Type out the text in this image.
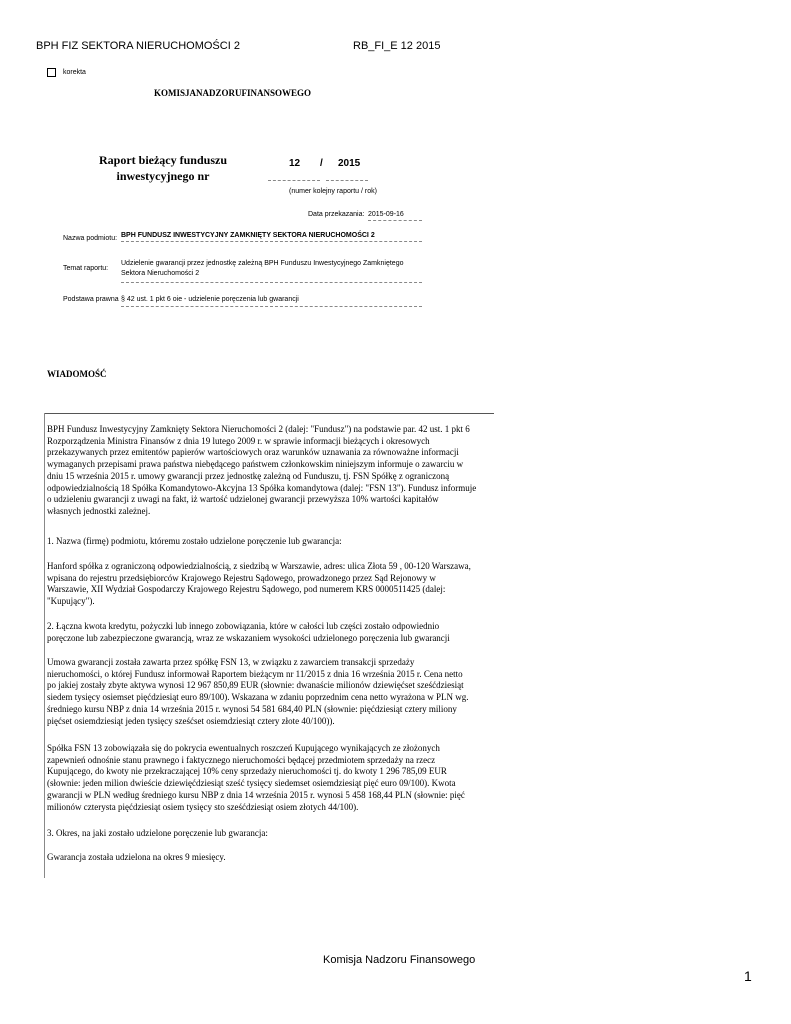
BPH FIZ SEKTORA NIERUCHOMOŚCI 2	RB_FI_E 12 2015
korekta
KOMISJANADZORUFINANSOWEGO
Raport bieżący funduszu
inwestycyjnego nr
12 / 2015
(numer kolejny raportu / rok)
Data przekazania: 2015-09-16
Nazwa podmiotu: BPH FUNDUSZ INWESTYCYJNY ZAMKNIĘTY SEKTORA NIERUCHOMOŚCI 2
Temat raportu:
Udzielenie gwarancji przez jednostkę zależną BPH Funduszu Inwestycyjnego Zamkniętego
Sektora Nieruchomości 2
Podstawa prawna § 42 ust. 1 pkt 6 oie - udzielenie poręczenia lub gwarancji
WIADOMOŚĆ

BPH Fundusz Inwestycyjny Zamknięty Sektora Nieruchomości 2 (dalej: "Fundusz") na podstawie par. 42 ust. 1 pkt 6
Rozporządzenia Ministra Finansów z dnia 19 lutego 2009 r. w sprawie informacji bieżących i okresowych
przekazywanych przez emitentów papierów wartościowych oraz warunków uznawania za równoważne informacji
wymaganych przepisami prawa państwa niebędącego państwem członkowskim niniejszym informuje o zawarciu w
dniu 15 września 2015 r. umowy gwarancji przez jednostkę zależną od Funduszu, tj. FSN Spółkę z ograniczoną
odpowiedzialnością 18 Spółka Komandytowo-Akcyjna 13 Spółka komandytowa (dalej: "FSN 13"). Fundusz informuje
o udzieleniu gwarancji z uwagi na fakt, iż wartość udzielonej gwarancji przewyższa 10% wartości kapitałów
własnych jednostki zależnej.

1. Nazwa (firmę) podmiotu, któremu zostało udzielone poręczenie lub gwarancja:

Hanford spółka z ograniczoną odpowiedzialnością, z siedzibą w Warszawie, adres: ulica Złota 59 , 00-120 Warszawa,
wpisana do rejestru przedsiębiorców Krajowego Rejestru Sądowego, prowadzonego przez Sąd Rejonowy w
Warszawie, XII Wydział Gospodarczy Krajowego Rejestru Sądowego, pod numerem KRS 0000511425 (dalej:
"Kupujący").

2. Łączna kwota kredytu, pożyczki lub innego zobowiązania, które w całości lub części zostało odpowiednio
poręczone lub zabezpieczone gwarancją, wraz ze wskazaniem wysokości udzielonego poręczenia lub gwarancji

Umowa gwarancji została zawarta przez spółkę FSN 13, w związku z zawarciem transakcji sprzedaży
nieruchomości, o której Fundusz informował Raportem bieżącym nr 11/2015 z dnia 16 września 2015 r. Cena netto
po jakiej zostały zbyte aktywa wynosi 12 967 850,89 EUR (słownie: dwanaście milionów dziewięćset sześćdziesiąt
siedem tysięcy osiemset pięćdziesiąt euro 89/100). Wskazana w zdaniu poprzednim cena netto wyrażona w PLN wg.
średniego kursu NBP z dnia 14 września 2015 r. wynosi 54 581 684,40 PLN (słownie: pięćdziesiąt cztery miliony
pięćset osiemdziesiąt jeden tysięcy sześćset osiemdziesiąt cztery złote 40/100)).

Spółka FSN 13 zobowiązała się do pokrycia ewentualnych roszczeń Kupującego wynikających ze złożonych
zapewnień odnośnie stanu prawnego i faktycznego nieruchomości będącej przedmiotem sprzedaży na rzecz
Kupującego, do kwoty nie przekraczającej 10% ceny sprzedaży nieruchomości tj. do kwoty 1 296 785,09 EUR
(słownie: jeden milion dwieście dziewięćdziesiąt sześć tysięcy siedemset osiemdziesiąt pięć euro 09/100). Kwota
gwarancji w PLN według średniego kursu NBP z dnia 14 września 2015 r. wynosi 5 458 168,44 PLN (słownie: pięć
milionów czterysta pięćdziesiąt osiem tysięcy sto sześćdziesiąt osiem złotych 44/100).

3. Okres, na jaki zostało udzielone poręczenie lub gwarancja:

Gwarancja została udzielona na okres 9 miesięcy.

Komisja Nadzoru Finansowego
1
